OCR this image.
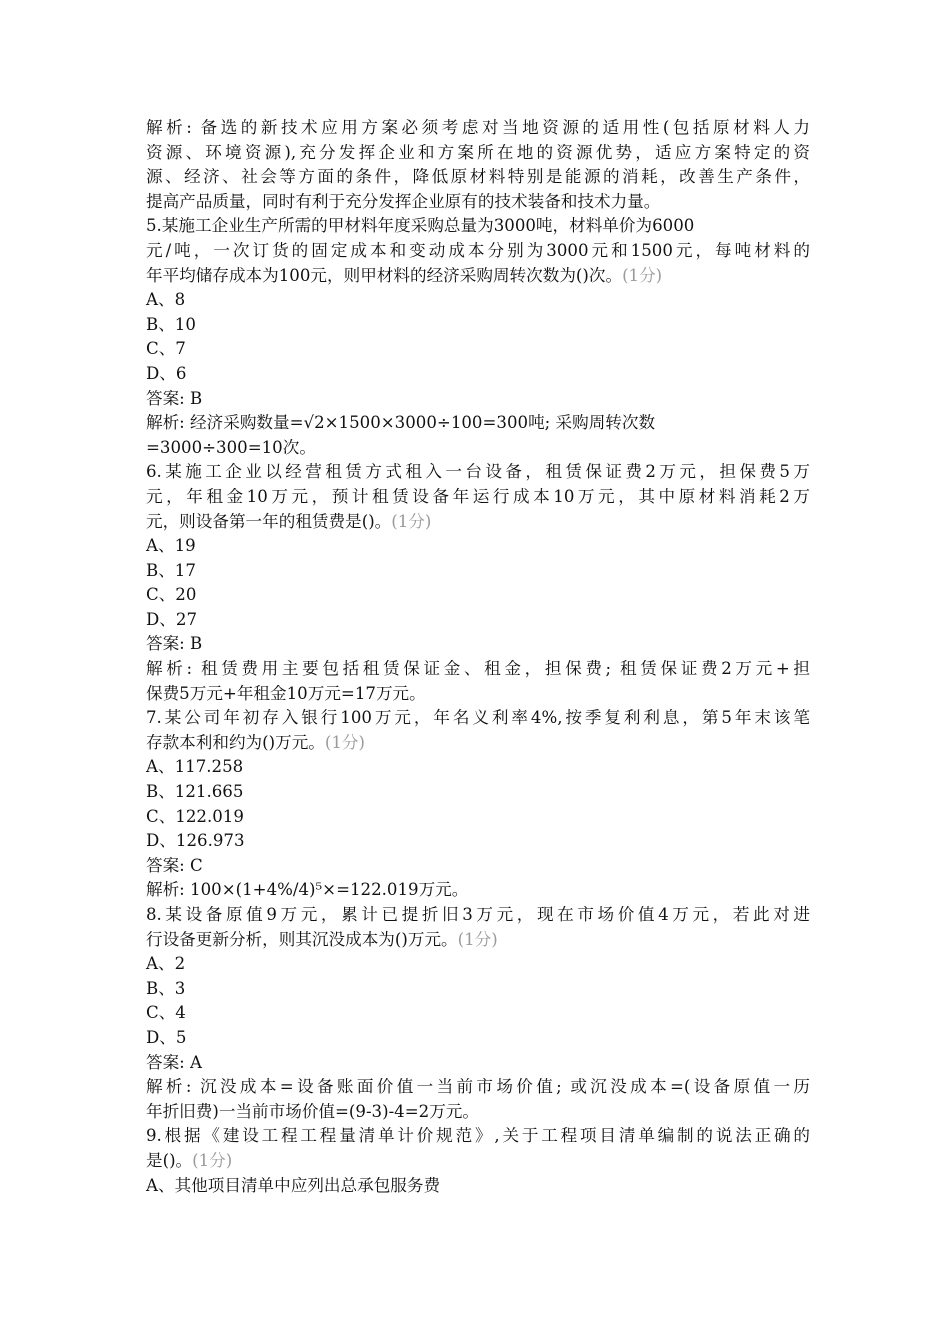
解析: 备选的新技术应用方案必须考虑对当地资源的适用性(包括原材料人力
资源、环境资源),充分发挥企业和方案所在地的资源优势，适应方案特定的资
源、经济、社会等方面的条件，降低原材料特别是能源的消耗，改善生产条件，
提高产品质量，同时有利于充分发挥企业原有的技术装备和技术力量。
5.某施工企业生产所需的甲材料年度采购总量为3000吨，材料单价为6000
元/吨，一次订货的固定成本和变动成本分别为3000元和1500元，每吨材料的
年平均储存成本为100元，则甲材料的经济采购周转次数为()次。(1分)
A、8
B、10
C、7
D、6
答案: B
解析: 经济采购数量=√2×1500×3000÷100=300吨; 采购周转次数
=3000÷300=10次。
6.某施工企业以经营租赁方式租入一台设备，租赁保证费2万元，担保费5万
元，年租金10万元，预计租赁设备年运行成本10万元，其中原材料消耗2万
元，则设备第一年的租赁费是()。(1分)
A、19
B、17
C、20
D、27
答案: B
解析: 租赁费用主要包括租赁保证金、租金，担保费; 租赁保证费2万元+担
保费5万元+年租金10万元=17万元。
7.某公司年初存入银行100万元，年名义利率4%,按季复利利息，第5年末该笔
存款本利和约为()万元。(1分)
A、117.258
B、121.665
C、122.019
D、126.973
答案: C
解析: 100×(1+4%/4)⁵×=122.019万元。
8.某设备原值9万元，累计已提折旧3万元，现在市场价值4万元，若此对进
行设备更新分析，则其沉没成本为()万元。(1分)
A、2
B、3
C、4
D、5
答案: A
解析: 沉没成本=设备账面价值一当前市场价值; 或沉没成本=(设备原值一历
年折旧费)一当前市场价值=(9-3)-4=2万元。
9.根据《建设工程工程量清单计价规范》,关于工程项目清单编制的说法正确的
是()。(1分)
A、其他项目清单中应列出总承包服务费
